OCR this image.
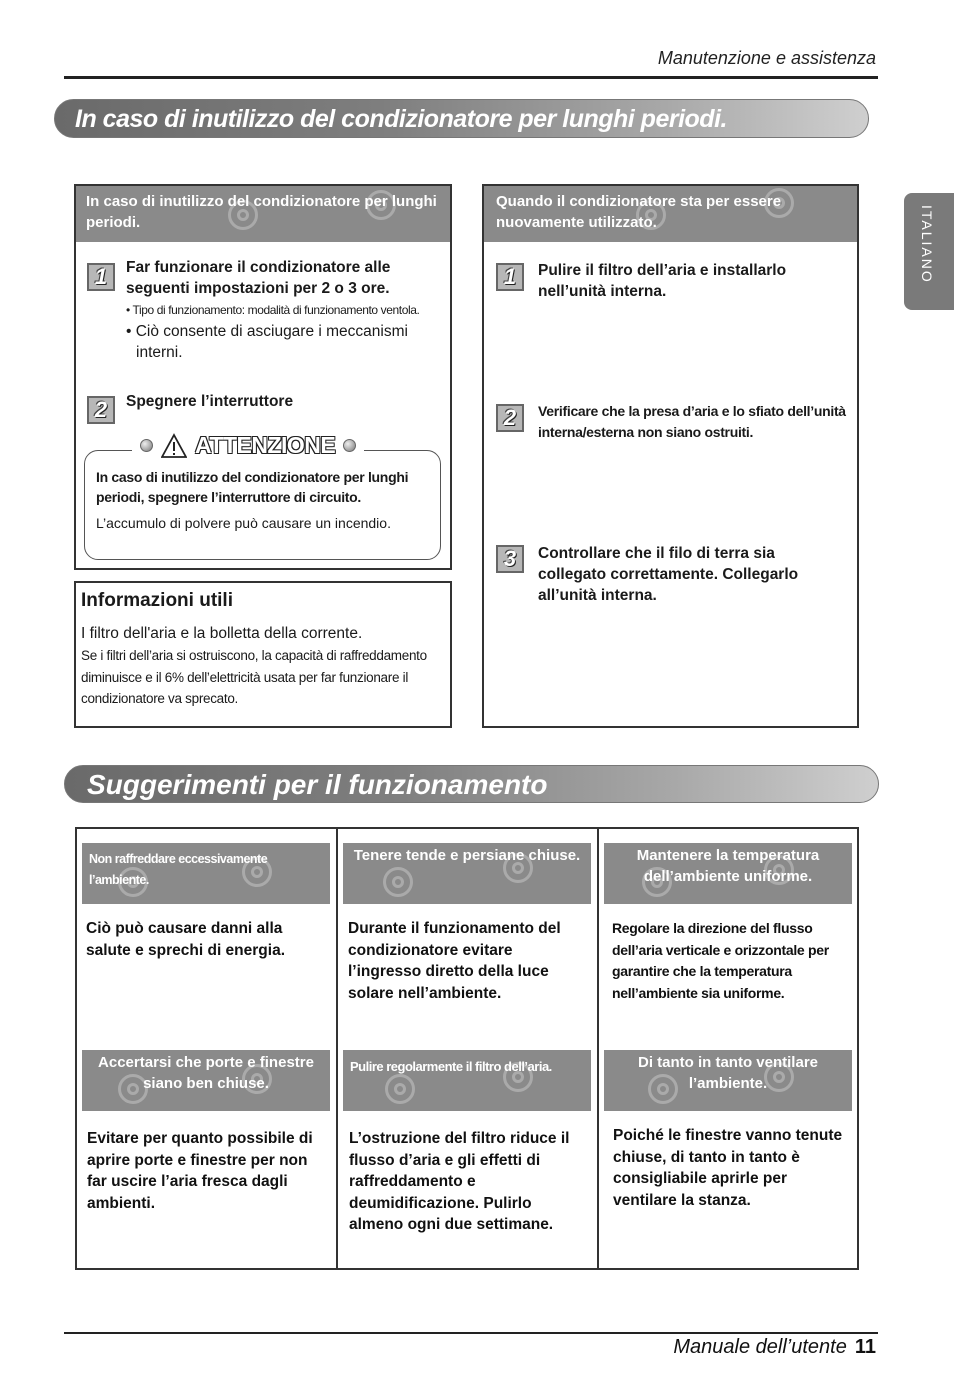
Manutenzione e assistenza
In caso di inutilizzo del condizionatore per lunghi periodi.
ITALIANO
In caso di inutilizzo del condizionatore per lunghi periodi.
1	Far funzionare il condizionatore alle seguenti impostazioni per 2 o 3 ore.
• Tipo di funzionamento: modalità di funzionamento ventola.
• Ciò consente di asciugare i meccanismi interni.
2	Spegnere l’interruttore
ATTENZIONE
In caso di inutilizzo del condizionatore per lunghi periodi, spegnere l’interruttore di circuito.
L’accumulo di polvere può causare un incendio.
Informazioni utili
I filtro dell'aria e la bolletta della corrente.
Se i filtri dell’aria si ostruiscono, la capacità di raffreddamento diminuisce e il 6% dell’elettricità usata per far funzionare il condizionatore va sprecato.
Quando il condizionatore sta per essere nuovamente utilizzato.
1	Pulire il filtro dell’aria e installarlo nell’unità interna.
2	Verificare che la presa d’aria e lo sfiato dell’unità interna/esterna non siano ostruiti.
3	Controllare che il filo di terra sia collegato correttamente. Collegarlo all’unità interna.
Suggerimenti per il funzionamento
Non raffreddare eccessivamente l’ambiente.
Ciò può causare danni alla salute e sprechi di energia.
Tenere tende e persiane chiuse.
Durante il funzionamento del condizionatore evitare l’ingresso diretto della luce solare nell’ambiente.
Mantenere la temperatura dell’ambiente uniforme.
Regolare la direzione del flusso dell’aria verticale e orizzontale per garantire che la temperatura nell’ambiente sia uniforme.
Accertarsi che porte e finestre siano ben chiuse.
Evitare per quanto possibile di aprire porte e finestre per non far uscire l’aria fresca dagli ambienti.
Pulire regolarmente il filtro dell’aria.
L’ostruzione del filtro riduce il flusso d’aria e gli effetti di raffreddamento e deumidificazione. Pulirlo almeno ogni due settimane.
Di tanto in tanto ventilare l’ambiente.
Poiché le finestre vanno tenute chiuse, di tanto in tanto è consigliabile aprirle per ventilare la stanza.
Manuale dell’utente 11
